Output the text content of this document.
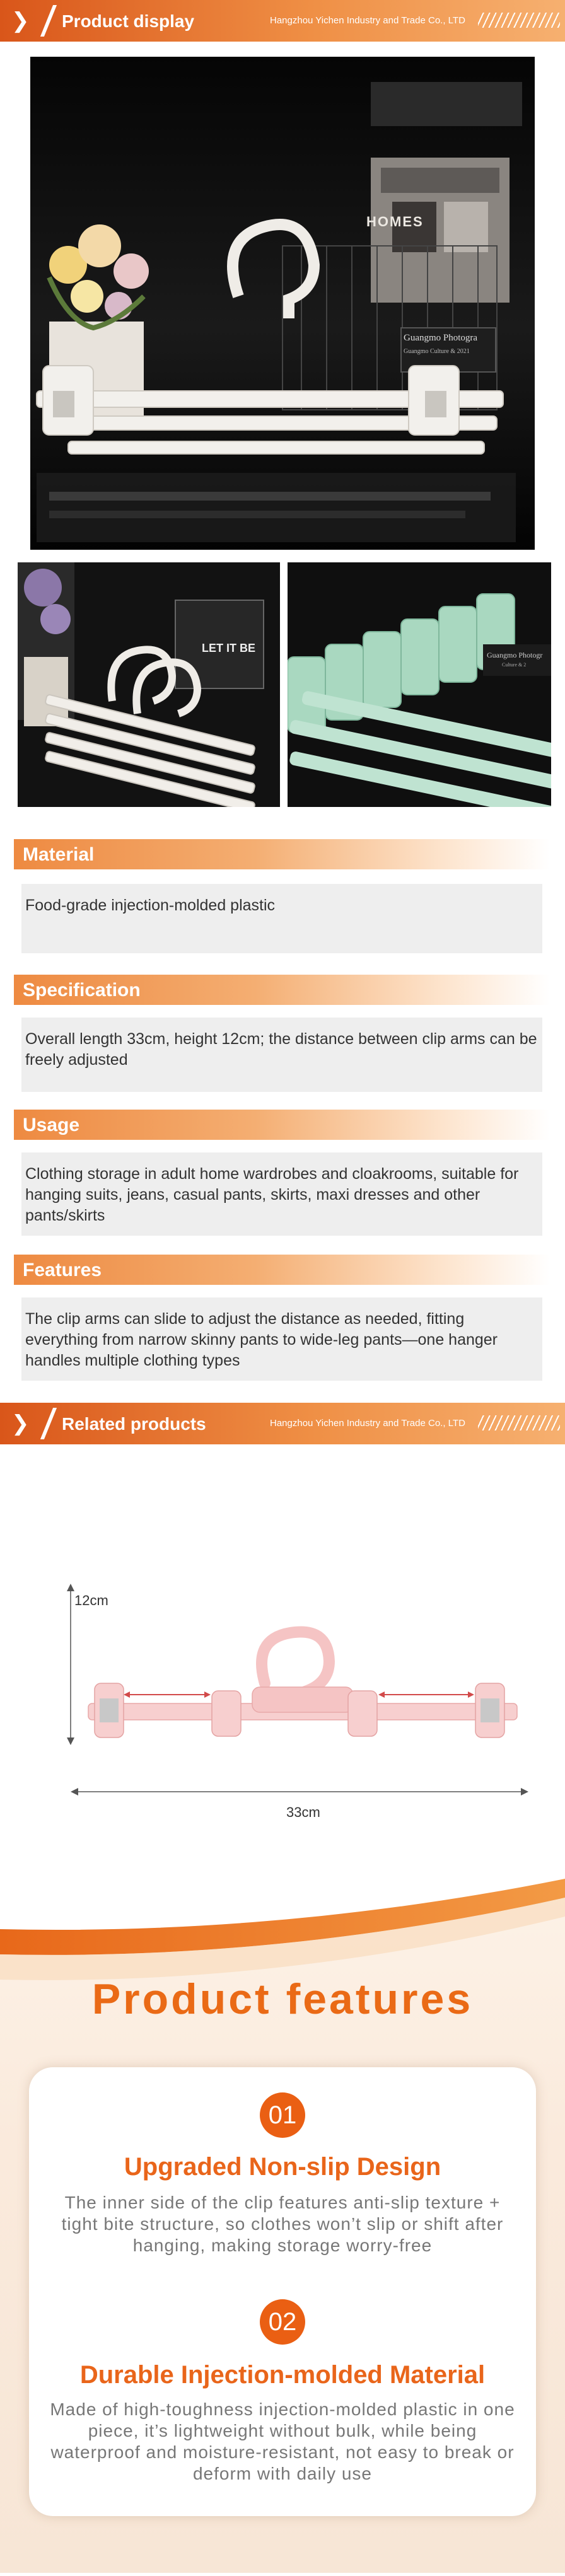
❯ Product display	Hangzhou Yichen Industry and Trade Co., LTD
HOMES
Guangmo Photogra
Guangmo Culture & 2021
LET IT BE
Guangmo Photogr
Culture & 2
Material

Food-grade injection-molded plastic

Specification

Overall length 33cm, height 12cm; the distance between clip arms can be freely adjusted

Usage

Clothing storage in adult home wardrobes and cloakrooms, suitable for hanging suits, jeans, casual pants, skirts, maxi dresses and other pants/skirts

Features

The clip arms can slide to adjust the distance as needed, fitting everything from narrow skinny pants to wide-leg pants—one hanger handles multiple clothing types

❯ Related products	Hangzhou Yichen Industry and Trade Co., LTD
12cm
33cm
Product features
01
Upgraded Non-slip Design
The inner side of the clip features anti-slip texture + tight bite structure, so clothes won’t slip or shift after hanging, making storage worry-free
02
Durable Injection-molded Material
Made of high-toughness injection-molded plastic in one piece, it’s lightweight without bulk, while being waterproof and moisture-resistant, not easy to break or deform with daily use
